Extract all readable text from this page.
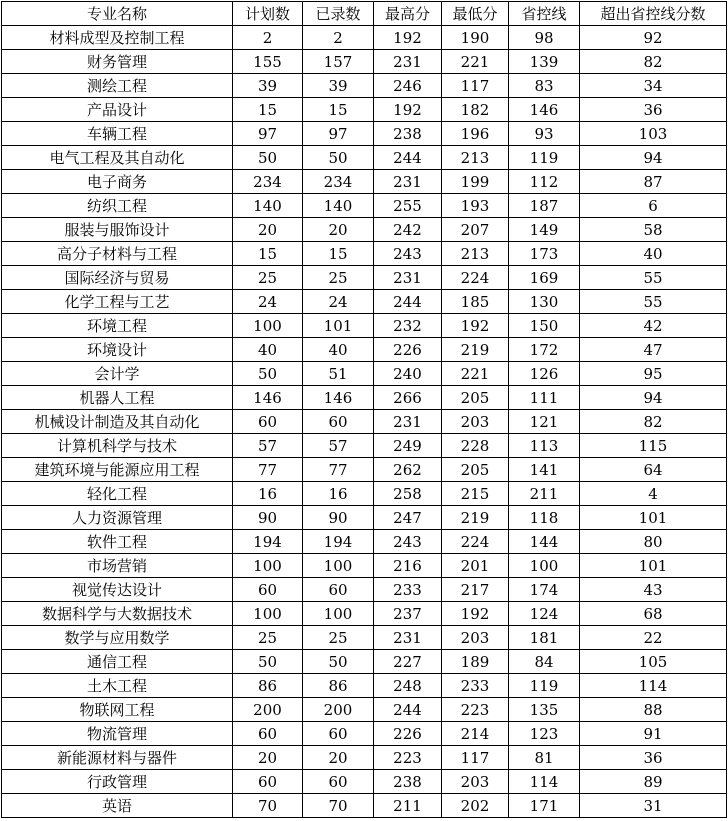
专业名称	计划数	已录数	最高分	最低分	省控线	超出省控线分数
材料成型及控制工程	2	2	192	190	98	92
财务管理	155	157	231	221	139	82
测绘工程	39	39	246	117	83	34
产品设计	15	15	192	182	146	36
车辆工程	97	97	238	196	93	103
电气工程及其自动化	50	50	244	213	119	94
电子商务	234	234	231	199	112	87
纺织工程	140	140	255	193	187	6
服装与服饰设计	20	20	242	207	149	58
高分子材料与工程	15	15	243	213	173	40
国际经济与贸易	25	25	231	224	169	55
化学工程与工艺	24	24	244	185	130	55
环境工程	100	101	232	192	150	42
环境设计	40	40	226	219	172	47
会计学	50	51	240	221	126	95
机器人工程	146	146	266	205	111	94
机械设计制造及其自动化	60	60	231	203	121	82
计算机科学与技术	57	57	249	228	113	115
建筑环境与能源应用工程	77	77	262	205	141	64
轻化工程	16	16	258	215	211	4
人力资源管理	90	90	247	219	118	101
软件工程	194	194	243	224	144	80
市场营销	100	100	216	201	100	101
视觉传达设计	60	60	233	217	174	43
数据科学与大数据技术	100	100	237	192	124	68
数学与应用数学	25	25	231	203	181	22
通信工程	50	50	227	189	84	105
土木工程	86	86	248	233	119	114
物联网工程	200	200	244	223	135	88
物流管理	60	60	226	214	123	91
新能源材料与器件	20	20	223	117	81	36
行政管理	60	60	238	203	114	89
英语	70	70	211	202	171	31
